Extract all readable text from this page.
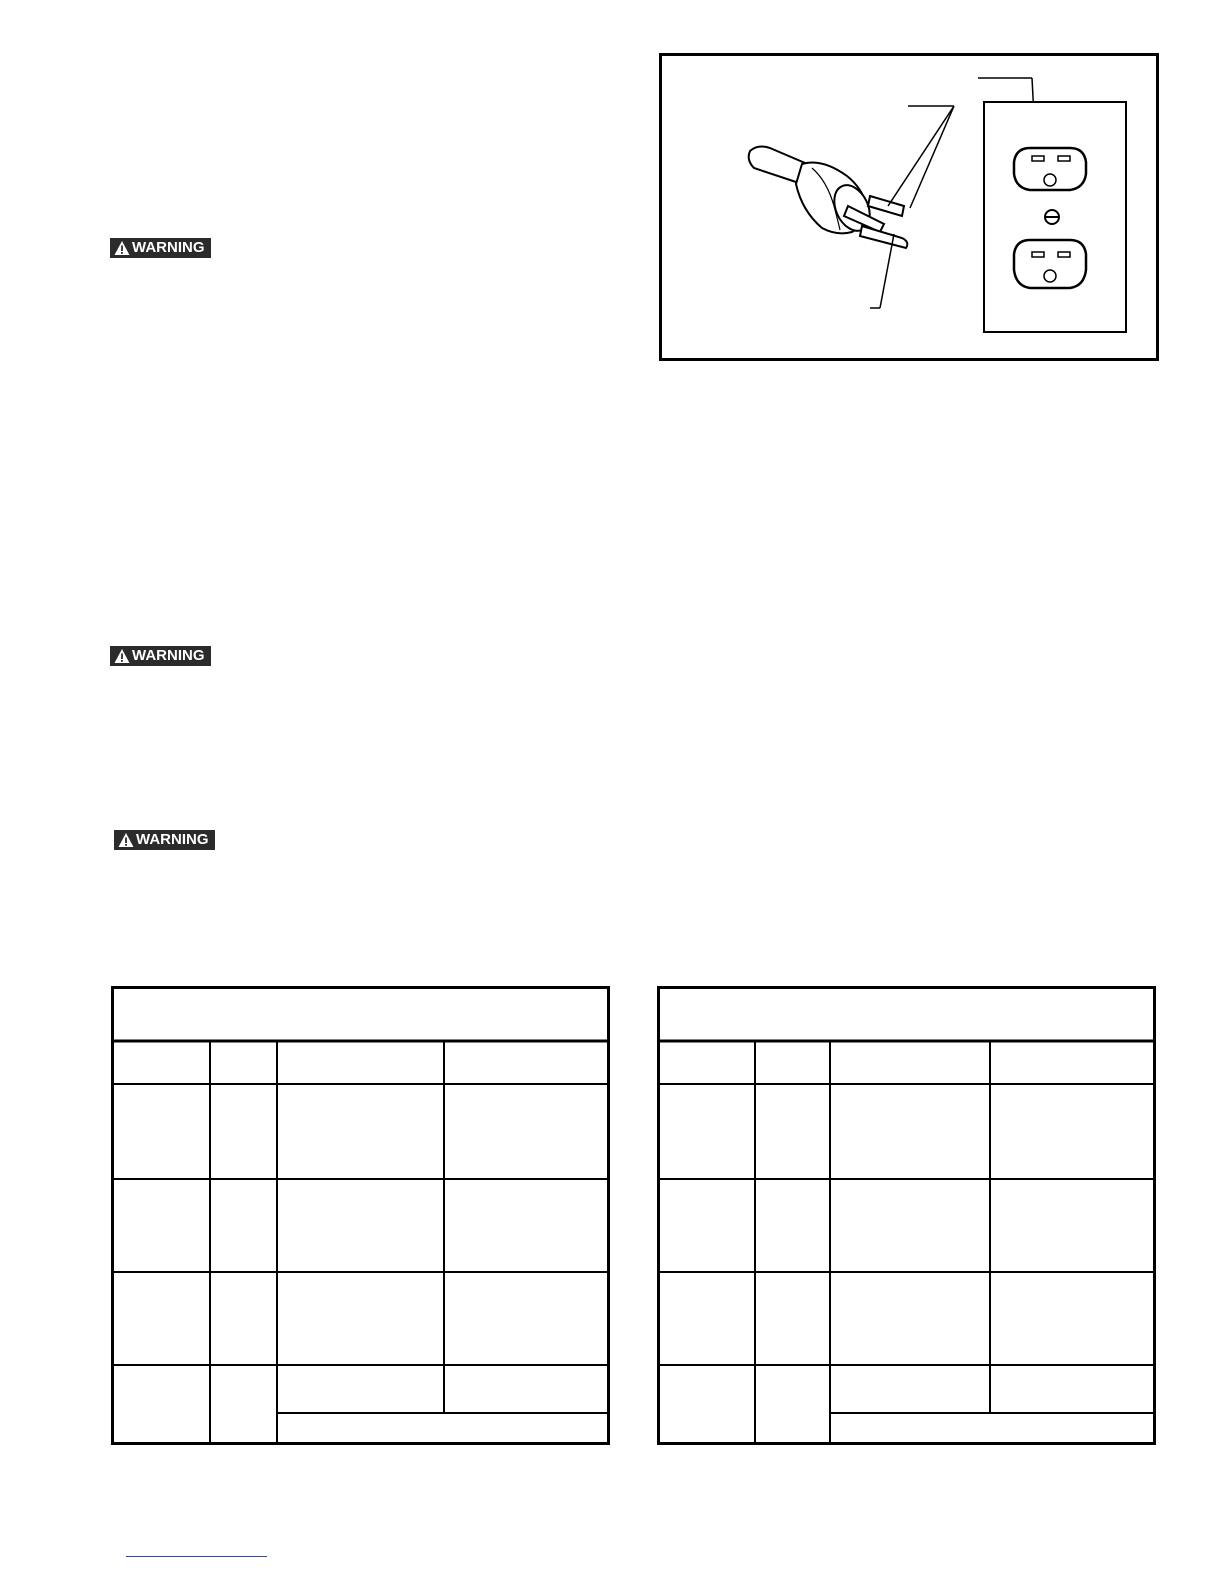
WARNING
WARNING
WARNING
